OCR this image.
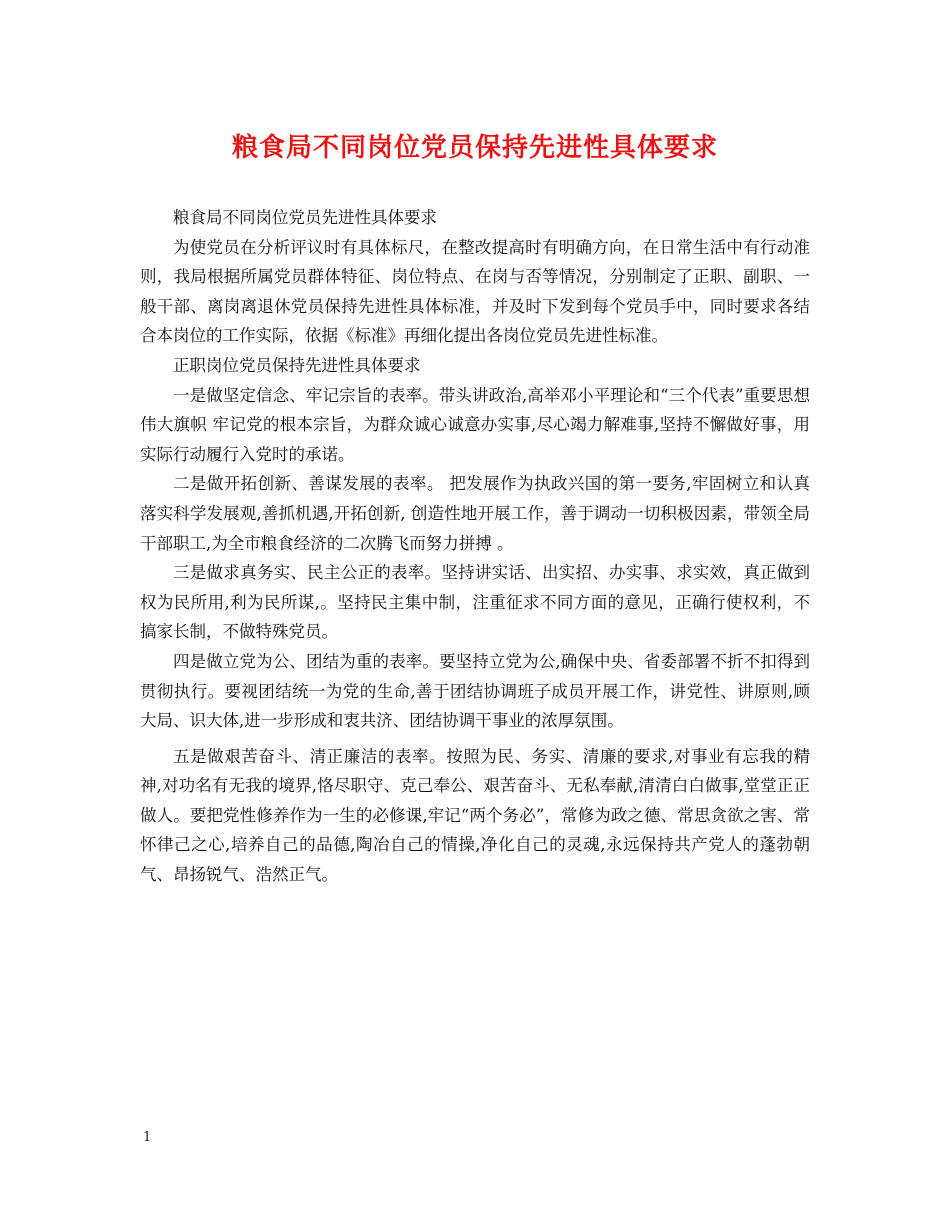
粮食局不同岗位党员保持先进性具体要求

粮食局不同岗位党员先进性具体要求

为使党员在分析评议时有具体标尺，在整改提高时有明确方向，在日常生活中有行动准则，我局根据所属党员群体特征、岗位特点、在岗与否等情况，分别制定了正职、副职、一般干部、离岗离退休党员保持先进性具体标准，并及时下发到每个党员手中，同时要求各结合本岗位的工作实际，依据《标准》再细化提出各岗位党员先进性标准。

正职岗位党员保持先进性具体要求

一是做坚定信念、牢记宗旨的表率。带头讲政治,高举邓小平理论和“三个代表”重要思想伟大旗帜 牢记党的根本宗旨，为群众诚心诚意办实事,尽心竭力解难事,坚持不懈做好事，用实际行动履行入党时的承诺。

二是做开拓创新、善谋发展的表率。 把发展作为执政兴国的第一要务,牢固树立和认真落实科学发展观,善抓机遇,开拓创新, 创造性地开展工作，善于调动一切积极因素，带领全局干部职工,为全市粮食经济的二次腾飞而努力拼搏 。

三是做求真务实、民主公正的表率。坚持讲实话、出实招、办实事、求实效，真正做到权为民所用,利为民所谋,。坚持民主集中制，注重征求不同方面的意见，正确行使权利，不搞家长制，不做特殊党员。

四是做立党为公、团结为重的表率。要坚持立党为公,确保中央、省委部署不折不扣得到贯彻执行。要视团结统一为党的生命,善于团结协调班子成员开展工作，讲党性、讲原则,顾大局、识大体,进一步形成和衷共济、团结协调干事业的浓厚氛围。

五是做艰苦奋斗、清正廉洁的表率。按照为民、务实、清廉的要求,对事业有忘我的精神,对功名有无我的境界,恪尽职守、克己奉公、艰苦奋斗、无私奉献,清清白白做事,堂堂正正做人。要把党性修养作为一生的必修课,牢记“两个务必”，常修为政之德、常思贪欲之害、常怀律己之心,培养自己的品德,陶冶自己的情操,净化自己的灵魂,永远保持共产党人的蓬勃朝气、昂扬锐气、浩然正气。

1
